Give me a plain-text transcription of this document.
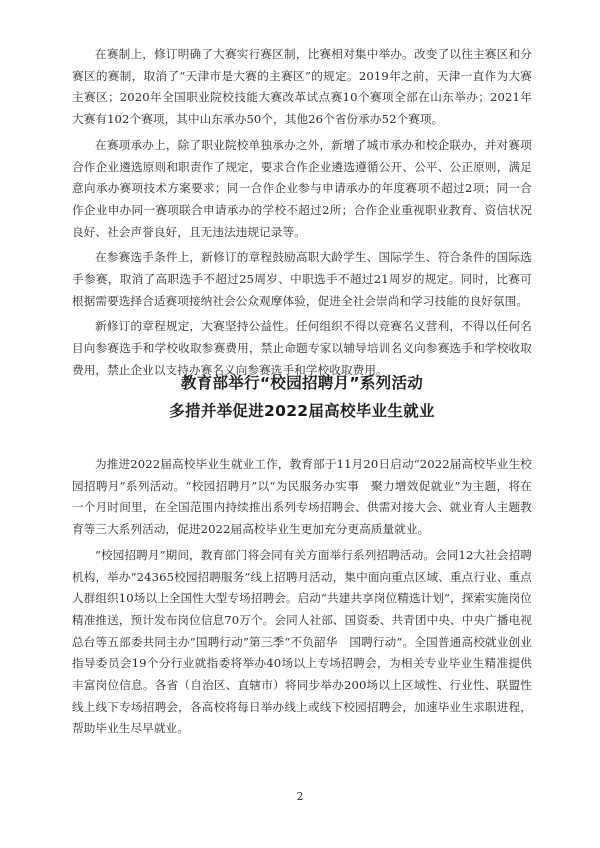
在赛制上，修订明确了大赛实行赛区制，比赛相对集中举办。改变了以往主赛区和分赛区的赛制，取消了“天津市是大赛的主赛区”的规定。2019年之前，天津一直作为大赛主赛区；2020年全国职业院校技能大赛改革试点赛10个赛项全部在山东举办；2021年大赛有102个赛项，其中山东承办50个，其他26个省份承办52个赛项。

在赛项承办上，除了职业院校单独承办之外，新增了城市承办和校企联办，并对赛项合作企业遴选原则和职责作了规定，要求合作企业遴选遵循公开、公平、公正原则，满足意向承办赛项技术方案要求；同一合作企业参与申请承办的年度赛项不超过2项；同一合作企业申办同一赛项联合申请承办的学校不超过2所；合作企业重视职业教育、资信状况良好、社会声誉良好，且无违法违规记录等。

在参赛选手条件上，新修订的章程鼓励高职大龄学生、国际学生、符合条件的国际选手参赛，取消了高职选手不超过25周岁、中职选手不超过21周岁的规定。同时，比赛可根据需要选择合适赛项接纳社会公众观摩体验，促进全社会崇尚和学习技能的良好氛围。

新修订的章程规定，大赛坚持公益性。任何组织不得以竞赛名义营利，不得以任何名目向参赛选手和学校收取参赛费用，禁止命题专家以辅导培训名义向参赛选手和学校收取费用，禁止企业以支持办赛名义向参赛选手和学校收取费用。

教育部举行“校园招聘月”系列活动
多措并举促进2022届高校毕业生就业

为推进2022届高校毕业生就业工作，教育部于11月20日启动“2022届高校毕业生校园招聘月”系列活动。“校园招聘月”以“为民服务办实事　聚力增效促就业”为主题，将在一个月时间里，在全国范围内持续推出系列专场招聘会、供需对接大会、就业育人主题教育等三大系列活动，促进2022届高校毕业生更加充分更高质量就业。

“校园招聘月”期间，教育部门将会同有关方面举行系列招聘活动。会同12大社会招聘机构，举办“24365校园招聘服务”线上招聘月活动，集中面向重点区域、重点行业、重点人群组织10场以上全国性大型专场招聘会。启动“共建共享岗位精选计划”，探索实施岗位精准推送，预计发布岗位信息70万个。会同人社部、国资委、共青团中央、中央广播电视总台等五部委共同主办“国聘行动”第三季“不负韶华　国聘行动”。全国普通高校就业创业指导委员会19个分行业就指委将举办40场以上专场招聘会，为相关专业毕业生精准提供丰富岗位信息。各省（自治区、直辖市）将同步举办200场以上区域性、行业性、联盟性线上线下专场招聘会，各高校将每日举办线上或线下校园招聘会，加速毕业生求职进程，帮助毕业生尽早就业。

2
